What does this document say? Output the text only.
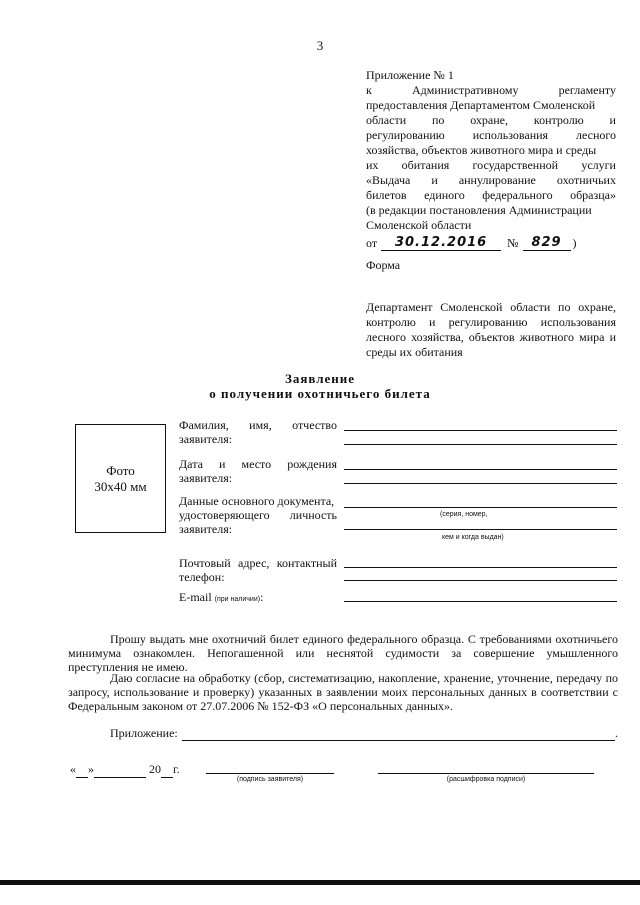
3
Приложение № 1
к	Административному	регламенту
предоставления Департаментом Смоленской
области по охране, контролю и
регулированию использования лесного
хозяйства, объектов животного мира и среды
их обитания государственной услуги
«Выдача и аннулирование охотничьих
билетов единого федерального образца»
(в редакции постановления Администрации
Смоленской области
от	30.12.2016	№ 829 )
Форма
Департамент Смоленской области по охране, контролю и регулированию использования лесного хозяйства, объектов животного мира и среды их обитания
Заявление
о получении охотничьего билета
Фото
30х40 мм
Фамилия, имя, отчество
заявителя:
Дата и место рождения
заявителя:
Данные основного документа,
удостоверяющего личность
заявителя:
(серия, номер,
кем и когда выдан)
Почтовый адрес, контактный телефон:
E-mail (при наличии):
Прошу выдать мне охотничий билет единого федерального образца. С требованиями охотничьего минимума ознакомлен. Непогашенной или неснятой судимости за совершение умышленного преступления не имею.
Даю согласие на обработку (сбор, систематизацию, накопление, хранение, уточнение, передачу по запросу, использование и проверку) указанных в заявлении моих персональных данных в соответствии с Федеральным законом от 27.07.2006 № 152-ФЗ «О персональных данных».
Приложение:	.
« »	20 г.
(подпись заявителя)	(расшифровка подписи)
